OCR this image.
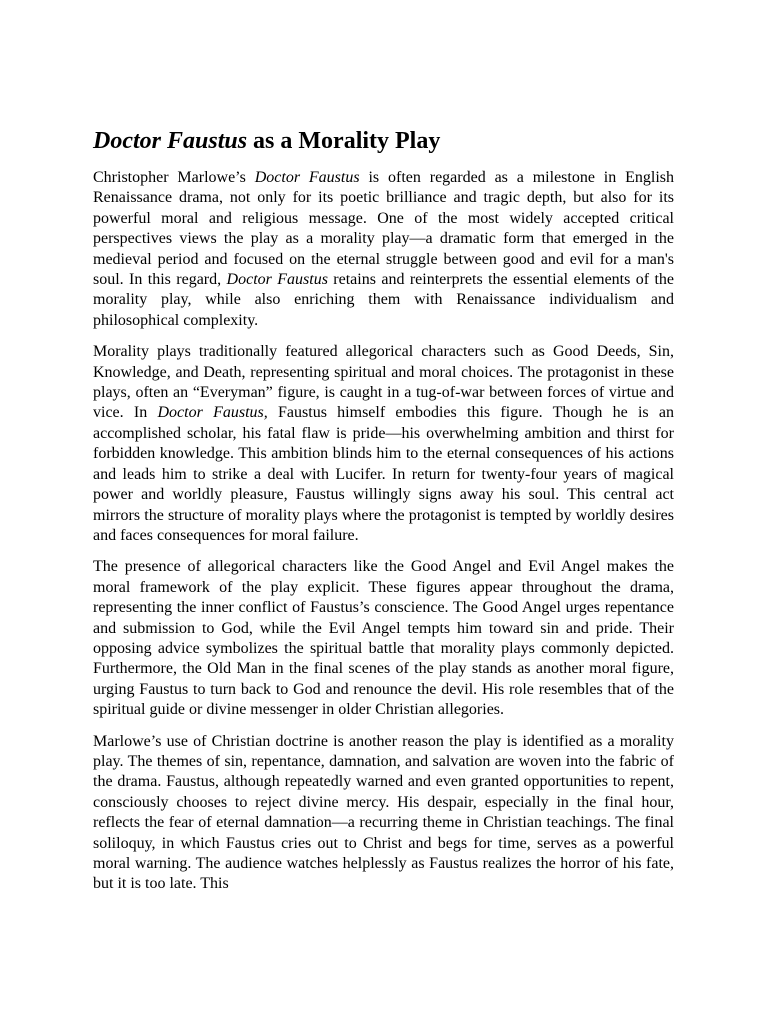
Doctor Faustus as a Morality Play

Christopher Marlowe’s Doctor Faustus is often regarded as a milestone in English Renaissance drama, not only for its poetic brilliance and tragic depth, but also for its powerful moral and religious message. One of the most widely accepted critical perspectives views the play as a morality play—a dramatic form that emerged in the medieval period and focused on the eternal struggle between good and evil for a man's soul. In this regard, Doctor Faustus retains and reinterprets the essential elements of the morality play, while also enriching them with Renaissance individualism and philosophical complexity.

Morality plays traditionally featured allegorical characters such as Good Deeds, Sin, Knowledge, and Death, representing spiritual and moral choices. The protagonist in these plays, often an “Everyman” figure, is caught in a tug-of-war between forces of virtue and vice. In Doctor Faustus, Faustus himself embodies this figure. Though he is an accomplished scholar, his fatal flaw is pride—his overwhelming ambition and thirst for forbidden knowledge. This ambition blinds him to the eternal consequences of his actions and leads him to strike a deal with Lucifer. In return for twenty-four years of magical power and worldly pleasure, Faustus willingly signs away his soul. This central act mirrors the structure of morality plays where the protagonist is tempted by worldly desires and faces consequences for moral failure.

The presence of allegorical characters like the Good Angel and Evil Angel makes the moral framework of the play explicit. These figures appear throughout the drama, representing the inner conflict of Faustus’s conscience. The Good Angel urges repentance and submission to God, while the Evil Angel tempts him toward sin and pride. Their opposing advice symbolizes the spiritual battle that morality plays commonly depicted. Furthermore, the Old Man in the final scenes of the play stands as another moral figure, urging Faustus to turn back to God and renounce the devil. His role resembles that of the spiritual guide or divine messenger in older Christian allegories.

Marlowe’s use of Christian doctrine is another reason the play is identified as a morality play. The themes of sin, repentance, damnation, and salvation are woven into the fabric of the drama. Faustus, although repeatedly warned and even granted opportunities to repent, consciously chooses to reject divine mercy. His despair, especially in the final hour, reflects the fear of eternal damnation—a recurring theme in Christian teachings. The final soliloquy, in which Faustus cries out to Christ and begs for time, serves as a powerful moral warning. The audience watches helplessly as Faustus realizes the horror of his fate, but it is too late. This
